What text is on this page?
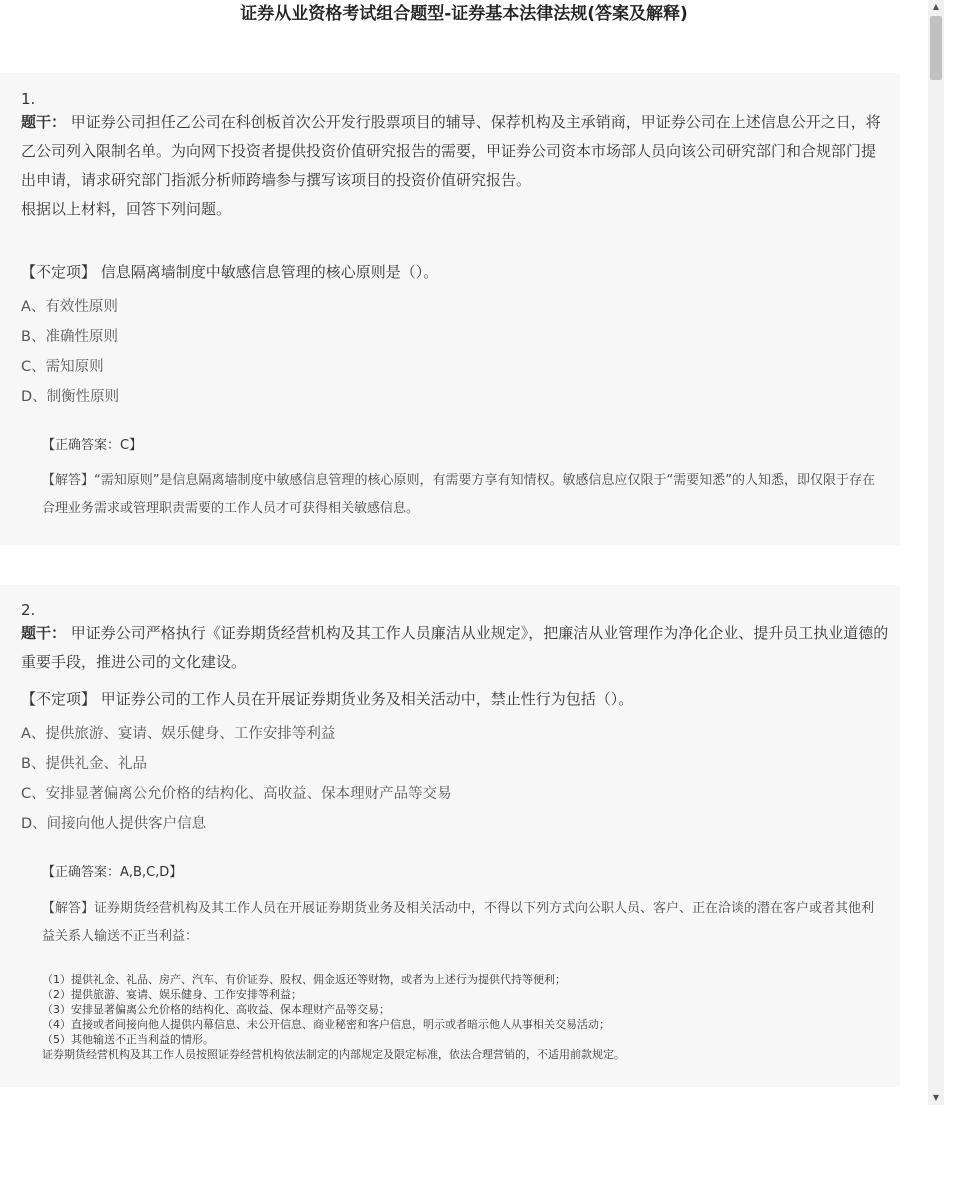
证券从业资格考试组合题型-证券基本法律法规(答案及解释)
1.
题干： 甲证券公司担任乙公司在科创板首次公开发行股票项目的辅导、保荐机构及主承销商，甲证券公司在上述信息公开之日，将乙公司列入限制名单。为向网下投资者提供投资价值研究报告的需要，甲证券公司资本市场部人员向该公司研究部门和合规部门提出申请，请求研究部门指派分析师跨墙参与撰写该项目的投资价值研究报告。
根据以上材料，回答下列问题。
【不定项】 信息隔离墙制度中敏感信息管理的核心原则是（）。
A、有效性原则
B、准确性原则
C、需知原则
D、制衡性原则
【正确答案：C】
【解答】“需知原则”是信息隔离墙制度中敏感信息管理的核心原则，有需要方享有知情权。敏感信息应仅限于“需要知悉”的人知悉，即仅限于存在合理业务需求或管理职责需要的工作人员才可获得相关敏感信息。
2.
题干： 甲证券公司严格执行《证券期货经营机构及其工作人员廉洁从业规定》，把廉洁从业管理作为净化企业、提升员工执业道德的重要手段，推进公司的文化建设。
【不定项】 甲证券公司的工作人员在开展证券期货业务及相关活动中，禁止性行为包括（）。
A、提供旅游、宴请、娱乐健身、工作安排等利益
B、提供礼金、礼品
C、安排显著偏离公允价格的结构化、高收益、保本理财产品等交易
D、间接向他人提供客户信息
【正确答案：A,B,C,D】
【解答】证券期货经营机构及其工作人员在开展证券期货业务及相关活动中，不得以下列方式向公职人员、客户、正在洽谈的潜在客户或者其他利益关系人输送不正当利益：
（1）提供礼金、礼品、房产、汽车、有价证券、股权、佣金返还等财物，或者为上述行为提供代持等便利；
（2）提供旅游、宴请、娱乐健身、工作安排等利益；
（3）安排显著偏离公允价格的结构化、高收益、保本理财产品等交易；
（4）直接或者间接向他人提供内幕信息、未公开信息、商业秘密和客户信息，明示或者暗示他人从事相关交易活动；
（5）其他输送不正当利益的情形。
证券期货经营机构及其工作人员按照证券经营机构依法制定的内部规定及限定标准，依法合理营销的，不适用前款规定。
▲
▼
